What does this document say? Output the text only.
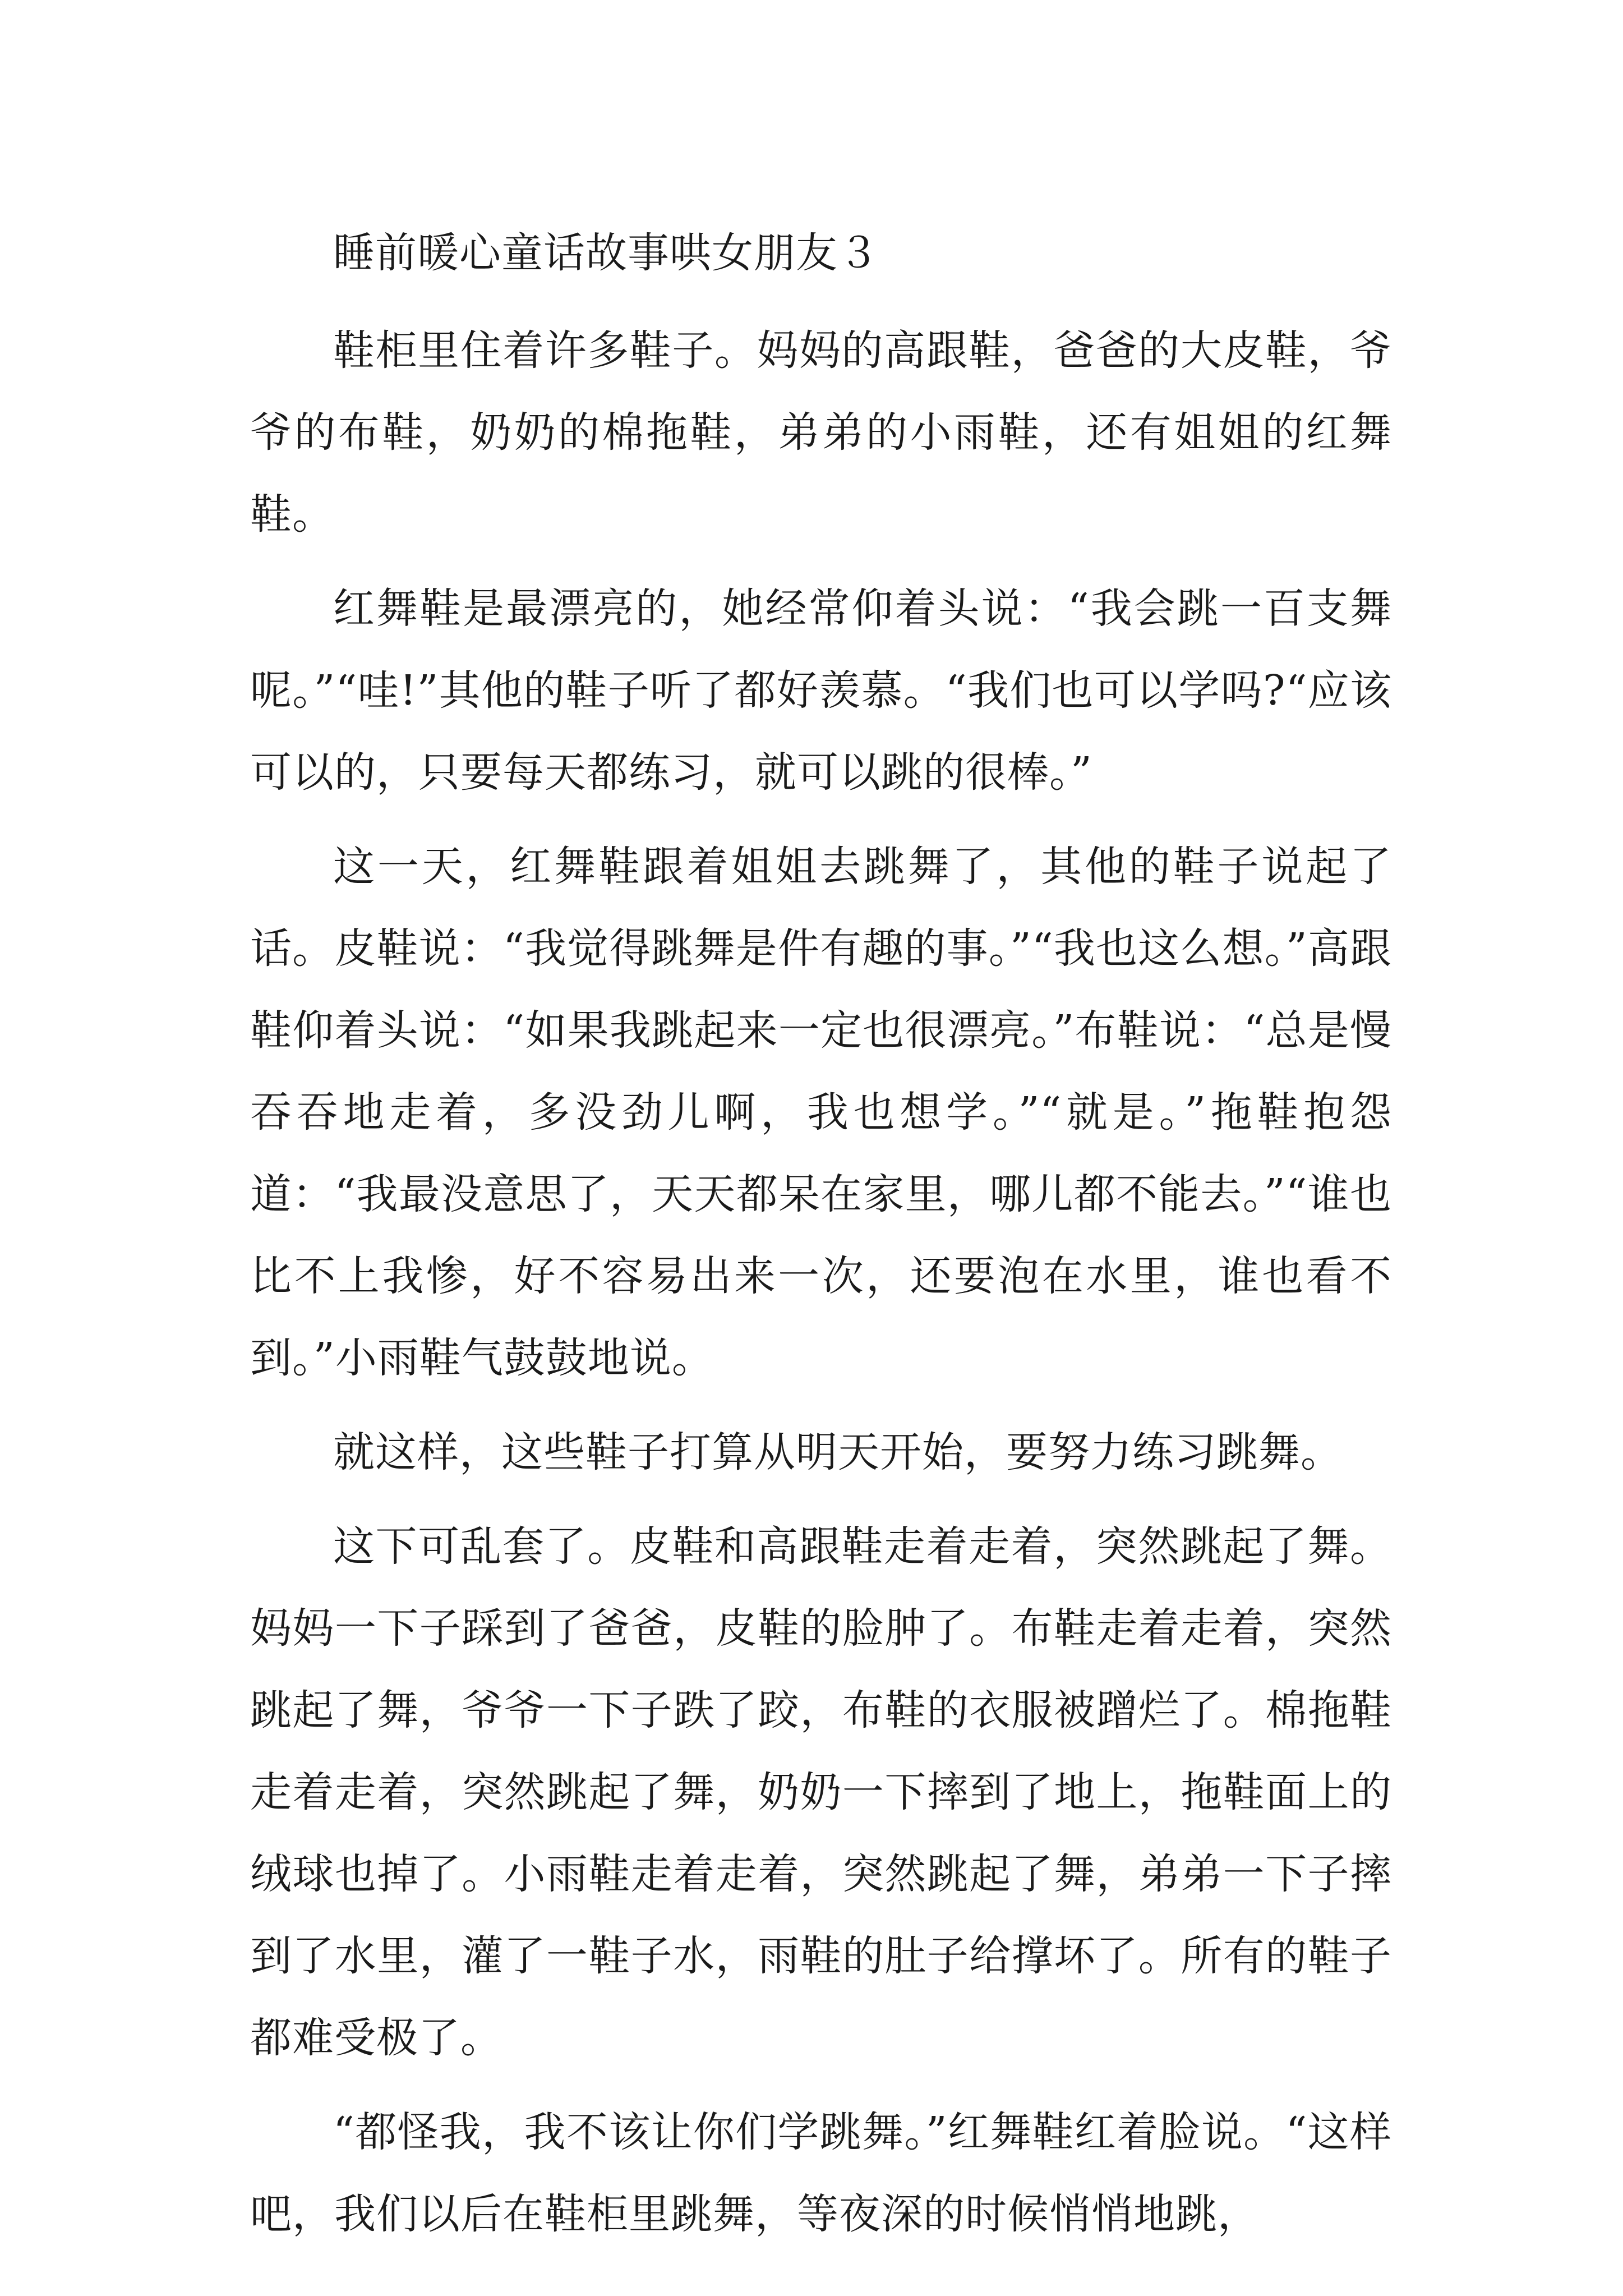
睡前暖心童话故事哄女朋友３

鞋柜里住着许多鞋子。妈妈的高跟鞋，爸爸的大皮鞋，爷爷的布鞋，奶奶的棉拖鞋，弟弟的小雨鞋，还有姐姐的红舞鞋。

红舞鞋是最漂亮的，她经常仰着头说：“我会跳一百支舞呢。”“哇!”其他的鞋子听了都好羡慕。“我们也可以学吗?“应该可以的，只要每天都练习，就可以跳的很棒。”

这一天，红舞鞋跟着姐姐去跳舞了，其他的鞋子说起了话。皮鞋说：“我觉得跳舞是件有趣的事。”“我也这么想。”高跟鞋仰着头说：“如果我跳起来一定也很漂亮。”布鞋说：“总是慢吞吞地走着，多没劲儿啊，我也想学。”“就是。”拖鞋抱怨道：“我最没意思了，天天都呆在家里，哪儿都不能去。”“谁也比不上我惨，好不容易出来一次，还要泡在水里，谁也看不到。”小雨鞋气鼓鼓地说。

就这样，这些鞋子打算从明天开始，要努力练习跳舞。

这下可乱套了。皮鞋和高跟鞋走着走着，突然跳起了舞。妈妈一下子踩到了爸爸，皮鞋的脸肿了。布鞋走着走着，突然跳起了舞，爷爷一下子跌了跤，布鞋的衣服被蹭烂了。棉拖鞋走着走着，突然跳起了舞，奶奶一下摔到了地上，拖鞋面上的绒球也掉了。小雨鞋走着走着，突然跳起了舞，弟弟一下子摔到了水里，灌了一鞋子水，雨鞋的肚子给撑坏了。所有的鞋子都难受极了。

“都怪我，我不该让你们学跳舞。”红舞鞋红着脸说。“这样吧，我们以后在鞋柜里跳舞，等夜深的时候悄悄地跳，
